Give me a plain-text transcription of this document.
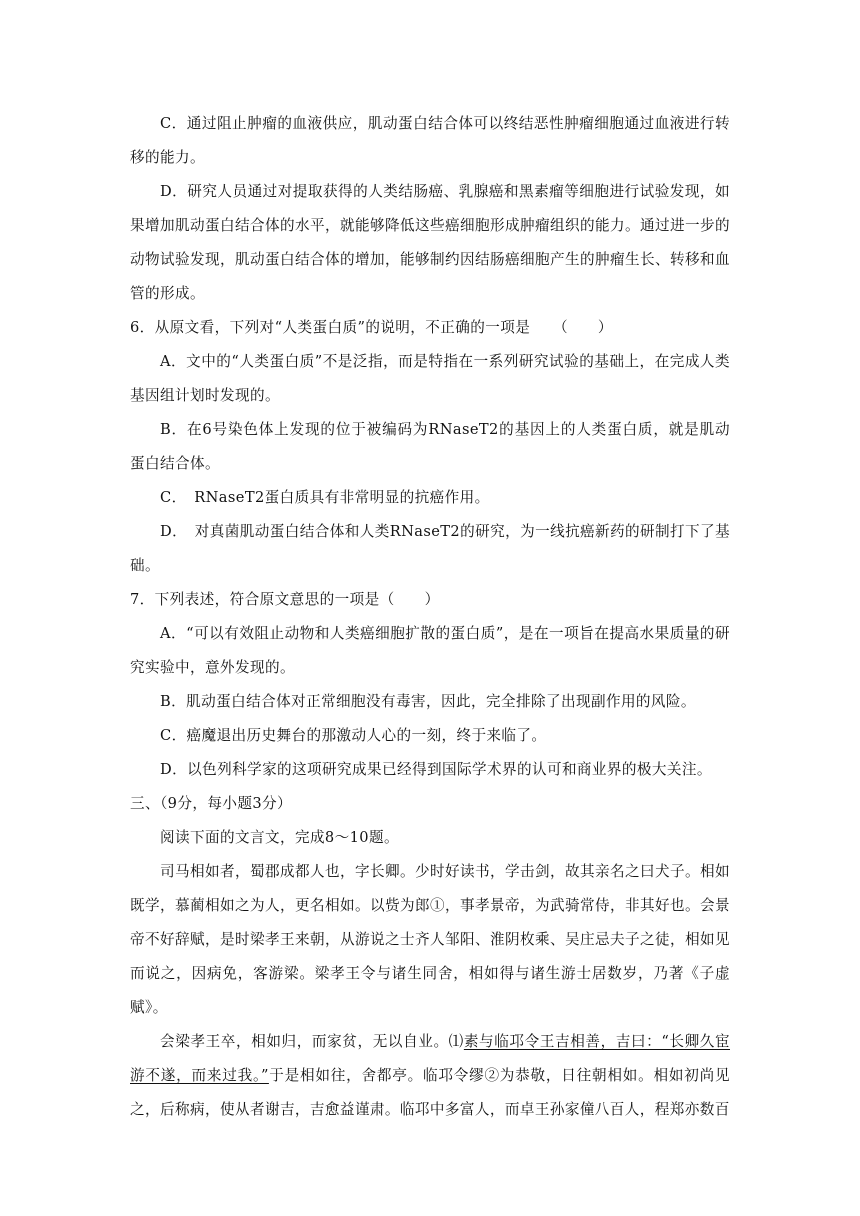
C．通过阻止肿瘤的血液供应，肌动蛋白结合体可以终结恶性肿瘤细胞通过血液进行转移的能力。

D．研究人员通过对提取获得的人类结肠癌、乳腺癌和黑素瘤等细胞进行试验发现，如果增加肌动蛋白结合体的水平，就能够降低这些癌细胞形成肿瘤组织的能力。通过进一步的动物试验发现，肌动蛋白结合体的增加，能够制约因结肠癌细胞产生的肿瘤生长、转移和血管的形成。

6．从原文看，下列对“人类蛋白质”的说明，不正确的一项是　　（　　）

A．文中的“人类蛋白质”不是泛指，而是特指在一系列研究试验的基础上，在完成人类基因组计划时发现的。

B．在6号染色体上发现的位于被编码为RNaseT2的基因上的人类蛋白质，就是肌动蛋白结合体。

C．　RNaseT2蛋白质具有非常明显的抗癌作用。

D．　对真菌肌动蛋白结合体和人类RNaseT2的研究，为一线抗癌新药的研制打下了基础。

7．下列表述，符合原文意思的一项是（　　）

A．“可以有效阻止动物和人类癌细胞扩散的蛋白质”，是在一项旨在提高水果质量的研究实验中，意外发现的。

B．肌动蛋白结合体对正常细胞没有毒害，因此，完全排除了出现副作用的风险。

C．癌魔退出历史舞台的那激动人心的一刻，终于来临了。

D．以色列科学家的这项研究成果已经得到国际学术界的认可和商业界的极大关注。

三、（9分，每小题3分）

阅读下面的文言文，完成8～10题。

司马相如者，蜀郡成都人也，字长卿。少时好读书，学击剑，故其亲名之曰犬子。相如既学，慕蔺相如之为人，更名相如。以赀为郎①，事孝景帝，为武骑常侍，非其好也。会景帝不好辞赋，是时梁孝王来朝，从游说之士齐人邹阳、淮阴枚乘、吴庄忌夫子之徒，相如见而说之，因病免，客游梁。梁孝王令与诸生同舍，相如得与诸生游士居数岁，乃著《子虚赋》。

会梁孝王卒，相如归，而家贫，无以自业。⑴素与临邛令王吉相善，吉曰：“长卿久宦游不遂，而来过我。”于是相如往，舍都亭。临邛令缪②为恭敬，日往朝相如。相如初尚见之，后称病，使从者谢吉，吉愈益谨肃。临邛中多富人，而卓王孙家僮八百人，程郑亦数百
